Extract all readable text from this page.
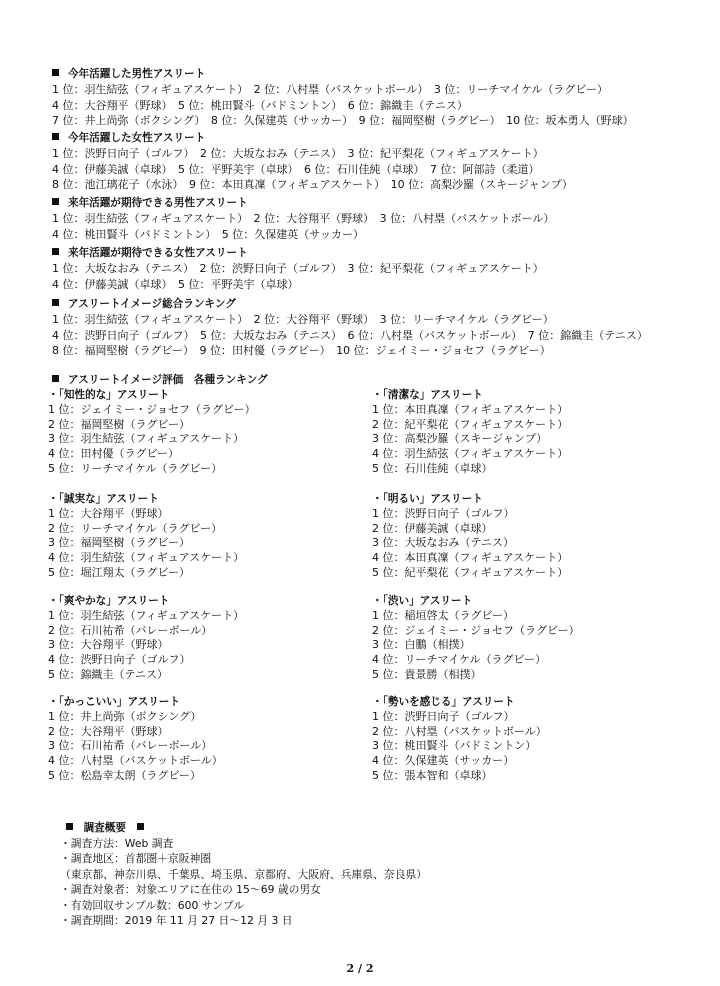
今年活躍した男性アスリート
1 位：羽生結弦（フィギュアスケート）　2 位：八村塁（バスケットボール）　3 位：リーチマイケル（ラグビー）
4 位：大谷翔平（野球）　5 位：桃田賢斗（バドミントン）　6 位：錦織圭（テニス）
7 位：井上尚弥（ボクシング）　8 位：久保建英（サッカー）　9 位：福岡堅樹（ラグビー）　10 位：坂本勇人（野球）
今年活躍した女性アスリート
1 位：渋野日向子（ゴルフ）　2 位：大坂なおみ（テニス）　3 位：紀平梨花（フィギュアスケート）
4 位：伊藤美誠（卓球）　5 位：平野美宇（卓球）　6 位：石川佳純（卓球）　7 位：阿部詩（柔道）
8 位：池江璃花子（水泳）　9 位：本田真凜（フィギュアスケート）　10 位：高梨沙羅（スキージャンプ）
来年活躍が期待できる男性アスリート
1 位：羽生結弦（フィギュアスケート）　2 位：大谷翔平（野球）　3 位：八村塁（バスケットボール）
4 位：桃田賢斗（バドミントン）　5 位：久保建英（サッカー）
来年活躍が期待できる女性アスリート
1 位：大坂なおみ（テニス）　2 位：渋野日向子（ゴルフ）　3 位：紀平梨花（フィギュアスケート）
4 位：伊藤美誠（卓球）　5 位：平野美宇（卓球）
アスリートイメージ総合ランキング
1 位：羽生結弦（フィギュアスケート）　2 位：大谷翔平（野球）　3 位：リーチマイケル（ラグビー）
4 位：渋野日向子（ゴルフ）　5 位：大坂なおみ（テニス）　6 位：八村塁（バスケットボール）　7 位：錦織圭（テニス）
8 位：福岡堅樹（ラグビー）　9 位：田村優（ラグビー）　10 位：ジェイミー・ジョセフ（ラグビー）
アスリートイメージ評価　各種ランキング
・「知性的な」アスリート
1 位：ジェイミー・ジョセフ（ラグビー）
2 位：福岡堅樹（ラグビー）
3 位：羽生結弦（フィギュアスケート）
4 位：田村優（ラグビー）
5 位：リーチマイケル（ラグビー）
・「清潔な」アスリート
1 位：本田真凜（フィギュアスケート）
2 位：紀平梨花（フィギュアスケート）
3 位：高梨沙羅（スキージャンプ）
4 位：羽生結弦（フィギュアスケート）
5 位：石川佳純（卓球）
・「誠実な」アスリート
1 位：大谷翔平（野球）
2 位：リーチマイケル（ラグビー）
3 位：福岡堅樹（ラグビー）
4 位：羽生結弦（フィギュアスケート）
5 位：堀江翔太（ラグビー）
・「明るい」アスリート
1 位：渋野日向子（ゴルフ）
2 位：伊藤美誠（卓球）
3 位：大坂なおみ（テニス）
4 位：本田真凜（フィギュアスケート）
5 位：紀平梨花（フィギュアスケート）
・「爽やかな」アスリート
1 位：羽生結弦（フィギュアスケート）
2 位：石川祐希（バレーボール）
3 位：大谷翔平（野球）
4 位：渋野日向子（ゴルフ）
5 位：錦織圭（テニス）
・「渋い」アスリート
1 位：稲垣啓太（ラグビー）
2 位：ジェイミー・ジョセフ（ラグビー）
3 位：白鵬（相撲）
4 位：リーチマイケル（ラグビー）
5 位：貴景勝（相撲）
・「かっこいい」アスリート
1 位：井上尚弥（ボクシング）
2 位：大谷翔平（野球）
3 位：石川祐希（バレーボール）
4 位：八村塁（バスケットボール）
5 位：松島幸太朗（ラグビー）
・「勢いを感じる」アスリート
1 位：渋野日向子（ゴルフ）
2 位：八村塁（バスケットボール）
3 位：桃田賢斗（バドミントン）
4 位：久保建英（サッカー）
5 位：張本智和（卓球）
　調査概要　
・調査方法：Web 調査
・調査地区：首都圏＋京阪神圏
（東京都、神奈川県、千葉県、埼玉県、京都府、大阪府、兵庫県、奈良県）
・調査対象者：対象エリアに在住の 15～69 歳の男女
・有効回収サンプル数：600 サンプル
・調査期間：2019 年 11 月 27 日～12 月 3 日
2 / 2
